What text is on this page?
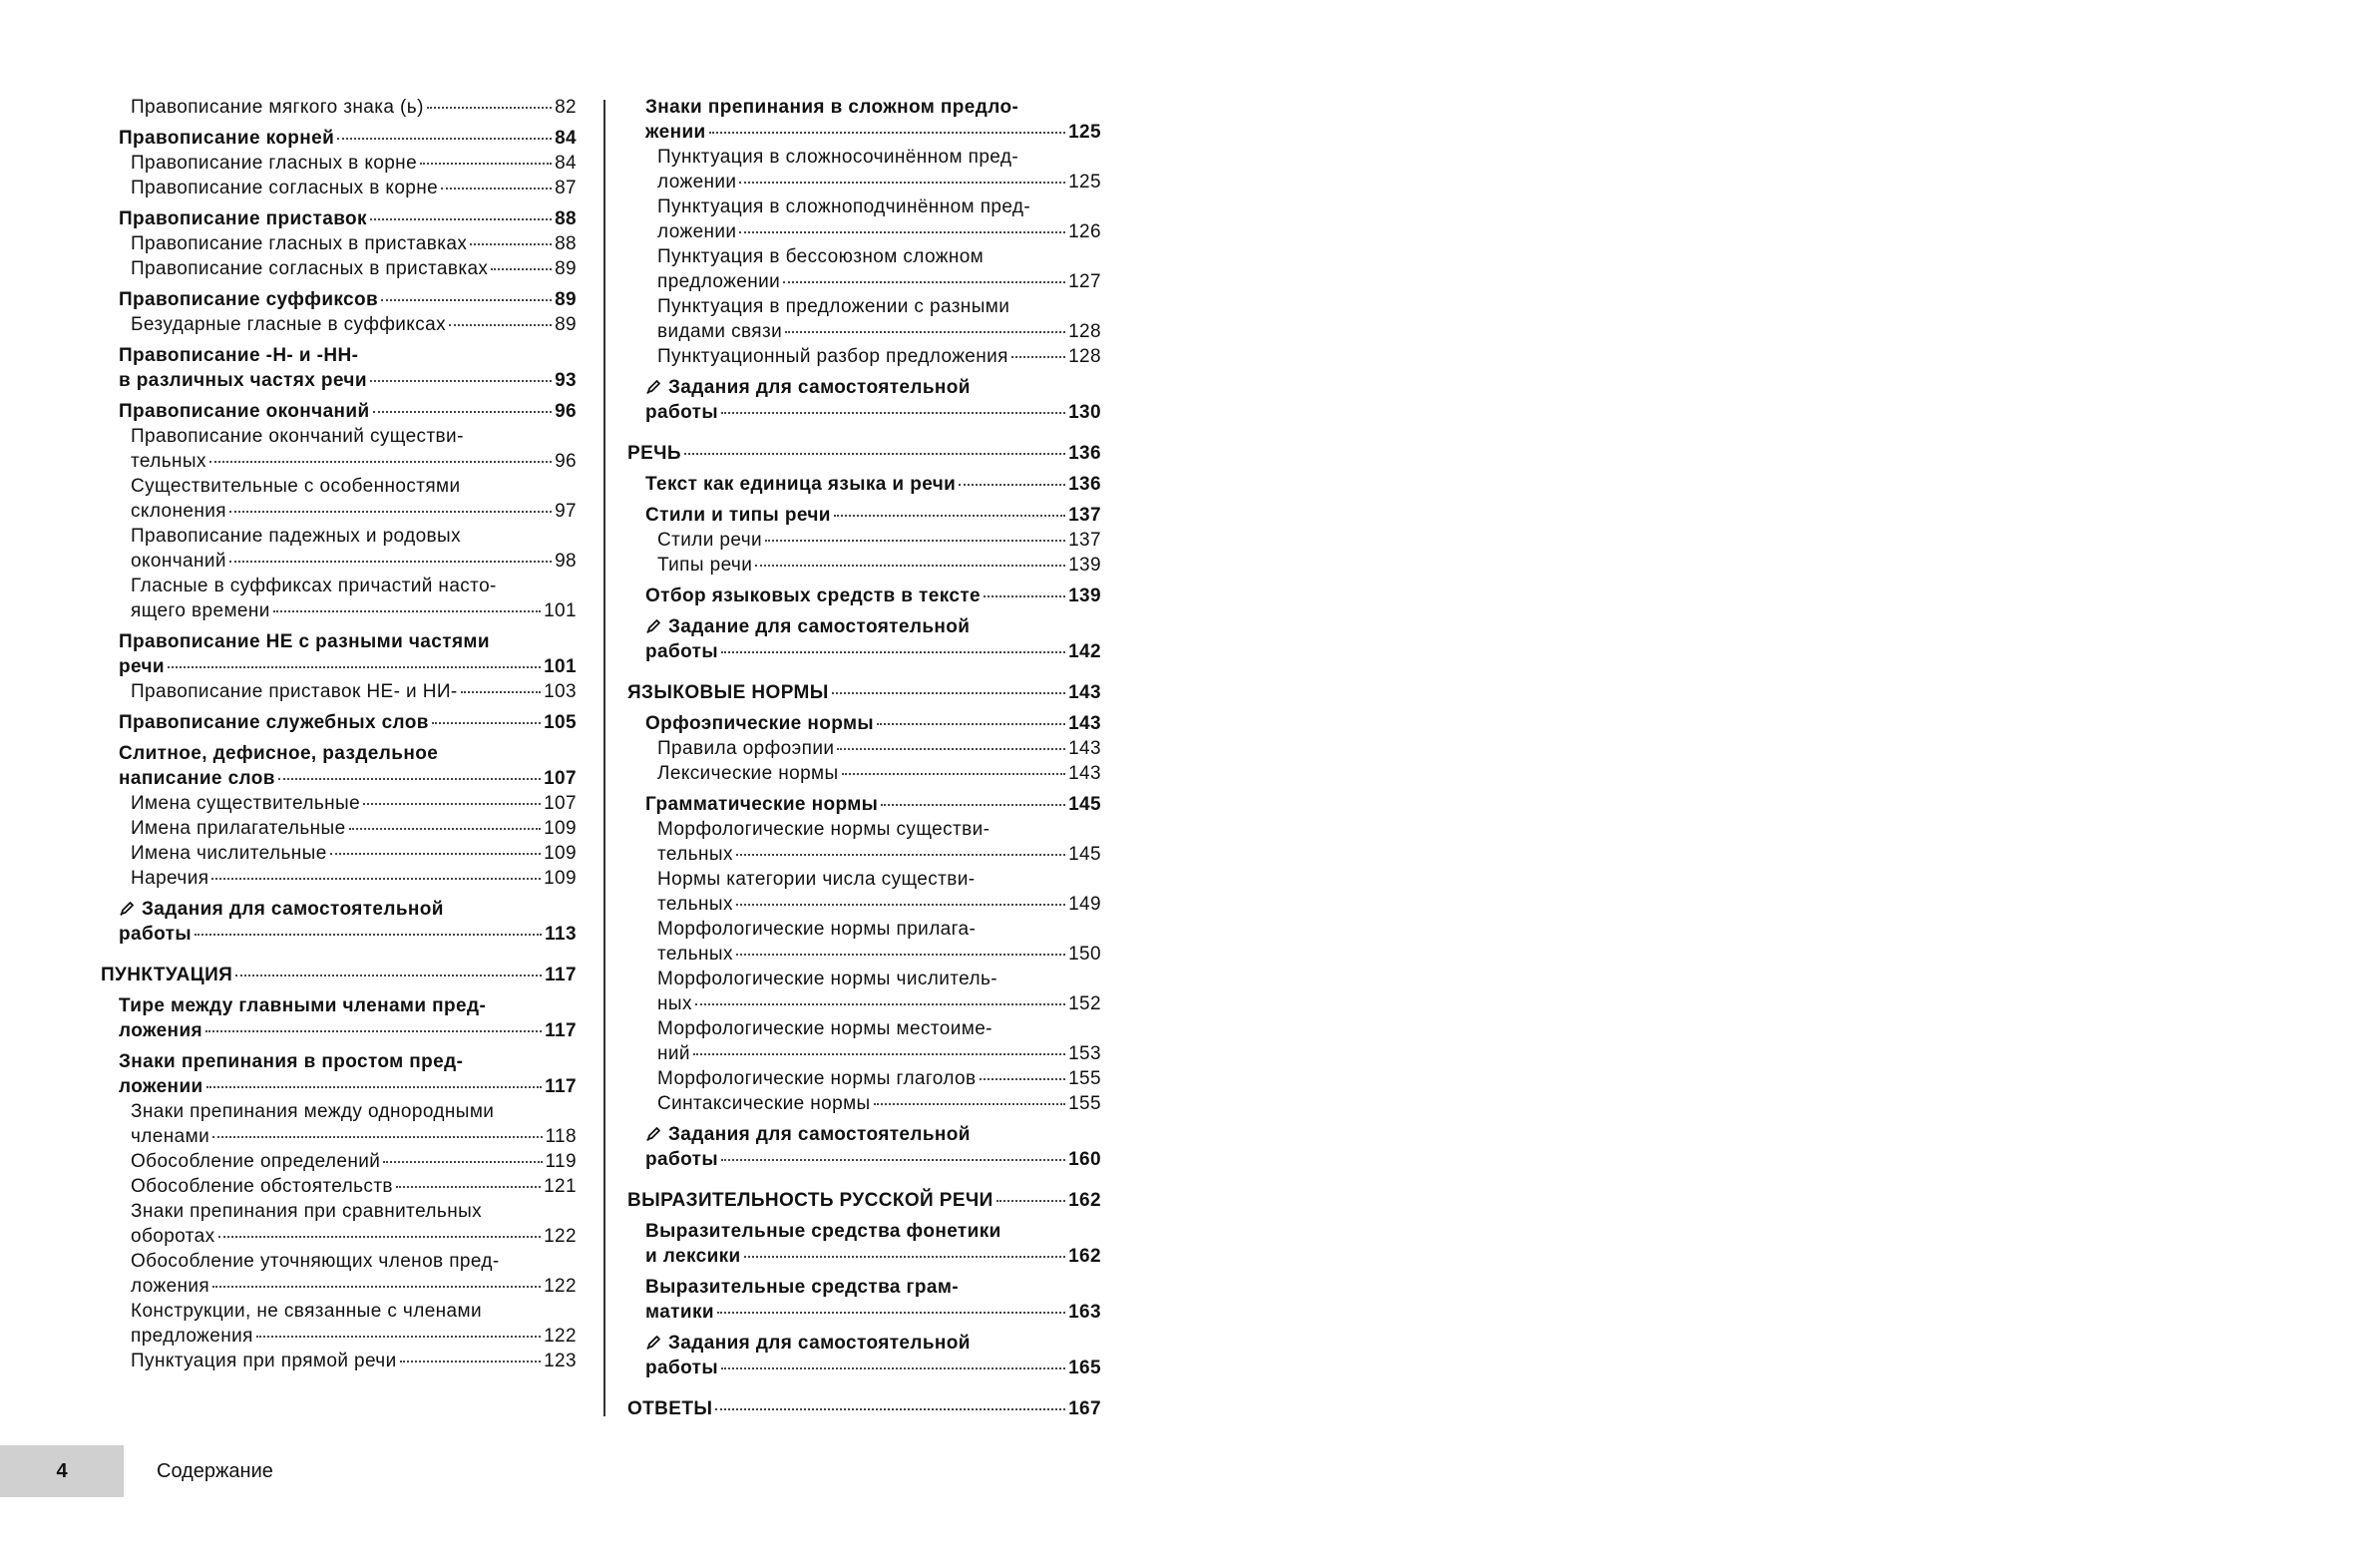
Правописание мягкого знака (ь)	82
Правописание корней	84
Правописание гласных в корне	84
Правописание согласных в корне	87
Правописание приставок	88
Правописание гласных в приставках	88
Правописание согласных в приставках	89
Правописание суффиксов	89
Безударные гласные в суффиксах	89
Правописание -Н- и -НН-
в различных частях речи	93
Правописание окончаний	96
Правописание окончаний существи-
тельных	96
Существительные с особенностями
склонения	97
Правописание падежных и родовых
окончаний	98
Гласные в суффиксах причастий насто-
ящего времени	101
Правописание НЕ с разными частями
речи	101
Правописание приставок НЕ- и НИ-	103
Правописание служебных слов	105
Слитное, дефисное, раздельное
написание слов	107
Имена существительные	107
Имена прилагательные	109
Имена числительные	109
Наречия	109
Задания для самостоятельной
работы	113
ПУНКТУАЦИЯ	117
Тире между главными членами пред-
ложения	117
Знаки препинания в простом пред-
ложении	117
Знаки препинания между однородными
членами	118
Обособление определений	119
Обособление обстоятельств	121
Знаки препинания при сравнительных
оборотах	122
Обособление уточняющих членов пред-
ложения	122
Конструкции, не связанные с членами
предложения	122
Пунктуация при прямой речи	123
Знаки препинания в сложном предло-
жении	125
Пунктуация в сложносочинённом пред-
ложении	125
Пунктуация в сложноподчинённом пред-
ложении	126
Пунктуация в бессоюзном сложном
предложении	127
Пунктуация в предложении с разными
видами связи	128
Пунктуационный разбор предложения	128
Задания для самостоятельной
работы	130
РЕЧЬ	136
Текст как единица языка и речи	136
Стили и типы речи	137
Стили речи	137
Типы речи	139
Отбор языковых средств в тексте	139
Задание для самостоятельной
работы	142
ЯЗЫКОВЫЕ НОРМЫ	143
Орфоэпические нормы	143
Правила орфоэпии	143
Лексические нормы	143
Грамматические нормы	145
Морфологические нормы существи-
тельных	145
Нормы категории числа существи-
тельных	149
Морфологические нормы прилага-
тельных	150
Морфологические нормы числитель-
ных	152
Морфологические нормы местоиме-
ний	153
Морфологические нормы глаголов	155
Синтаксические нормы	155
Задания для самостоятельной
работы	160
ВЫРАЗИТЕЛЬНОСТЬ РУССКОЙ РЕЧИ	162
Выразительные средства фонетики
и лексики	162
Выразительные средства грам-
матики	163
Задания для самостоятельной
работы	165
ОТВЕТЫ	167
4	Содержание
